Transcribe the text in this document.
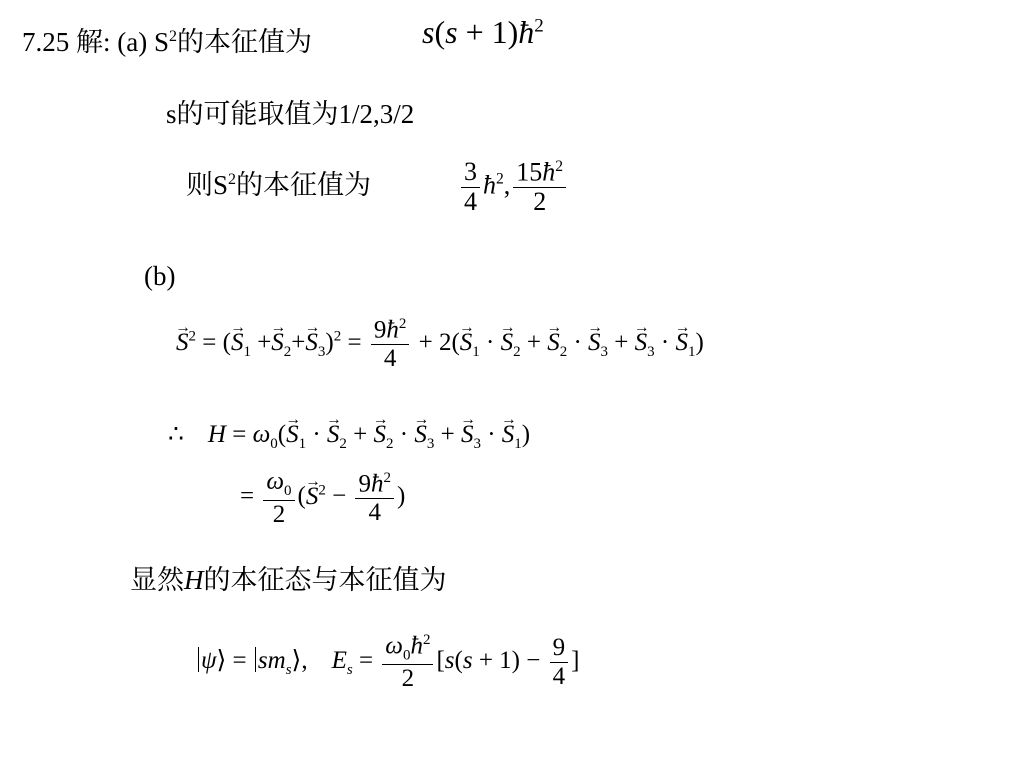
7.25 解: (a) $S^2$的本征值为	$s(s + 1)ħ^2$
s的可能取值为1/2,3/2
则$S^2$的本征值为	$\frac{3}{4}$ $ħ^2$, $\frac{15ħ^2}{2}$
(b)
→ $S^2$ = (→ $S_1 +\to S_2+\to S_3)^2 = \frac{9ħ^2}{4} + 2(\to S_1$ · → $S_2$ + → $S_2$ · → $S_3$ + → $S_3$ · → $S_1$)
∴ $H = \omega_0(\to S_1$ · → $S_2$ + → $S_2$ · → $S_3$ + → $S_3$ · → $S_1$)
= $\frac{\omega_0}{2}$ (→ $S^2 - \frac{9ħ^2}{4}$ )
显然H的本征态与本征值为
ψ⟩ = $sm_s⟩$, $E_s = \frac{\omega_0ħ^2}{2} [s(s + 1) - \frac{9}{4}$ ]
